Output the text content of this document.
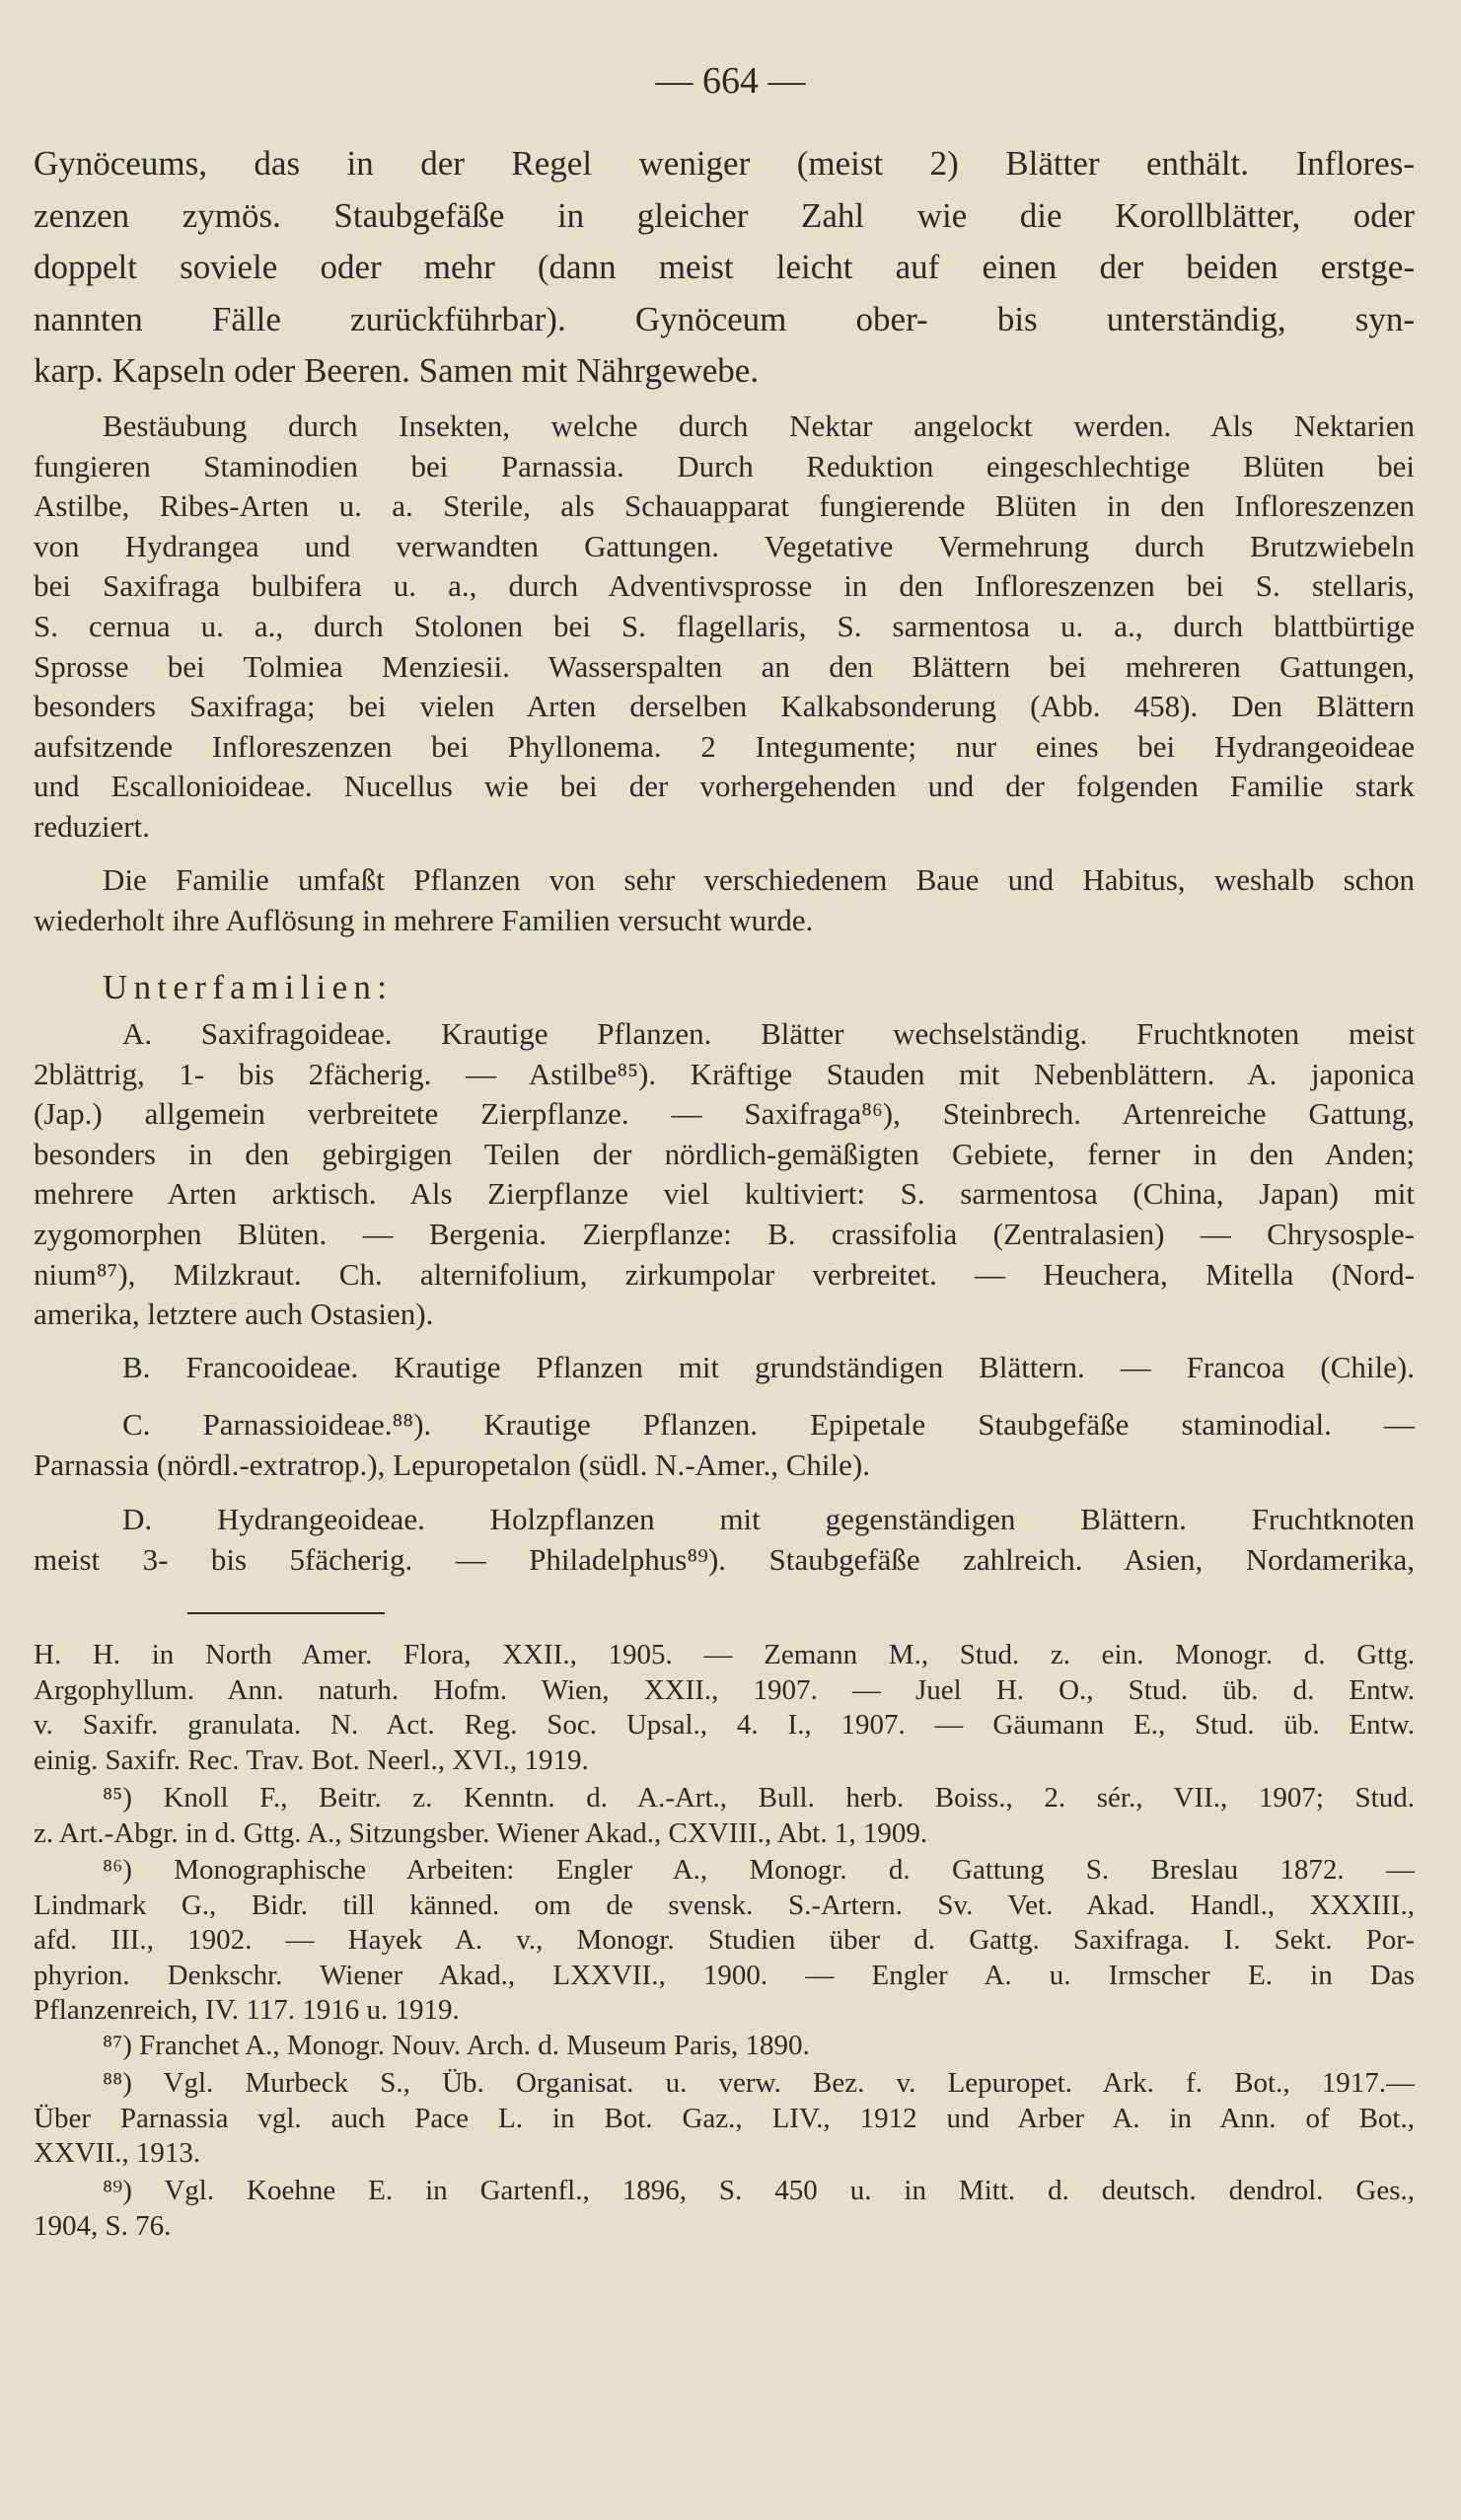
— 664 —

Gynöceums, das in der Regel weniger (meist 2) Blätter enthält. Inflores-

zenzen zymös. Staubgefäße in gleicher Zahl wie die Korollblätter, oder

doppelt soviele oder mehr (dann meist leicht auf einen der beiden erstge-

nannten Fälle zurückführbar). Gynöceum ober- bis unterständig, syn-

karp. Kapseln oder Beeren. Samen mit Nährgewebe.

Bestäubung durch Insekten, welche durch Nektar angelockt werden. Als Nektarien

fungieren Staminodien bei Parnassia. Durch Reduktion eingeschlechtige Blüten bei

Astilbe, Ribes-Arten u. a. Sterile, als Schauapparat fungierende Blüten in den Infloreszenzen

von Hydrangea und verwandten Gattungen. Vegetative Vermehrung durch Brutzwiebeln

bei Saxifraga bulbifera u. a., durch Adventivsprosse in den Infloreszenzen bei S. stellaris,

S. cernua u. a., durch Stolonen bei S. flagellaris, S. sarmentosa u. a., durch blattbürtige

Sprosse bei Tolmiea Menziesii. Wasserspalten an den Blättern bei mehreren Gattungen,

besonders Saxifraga; bei vielen Arten derselben Kalkabsonderung (Abb. 458). Den Blättern

aufsitzende Infloreszenzen bei Phyllonema. 2 Integumente; nur eines bei Hydrangeoideae

und Escallonioideae. Nucellus wie bei der vorhergehenden und der folgenden Familie stark

reduziert.

Die Familie umfaßt Pflanzen von sehr verschiedenem Baue und Habitus, weshalb schon

wiederholt ihre Auflösung in mehrere Familien versucht wurde.

Unterfamilien:

A. Saxifragoideae. Krautige Pflanzen. Blätter wechselständig. Fruchtknoten meist

2blättrig, 1- bis 2fächerig. — Astilbe⁸⁵). Kräftige Stauden mit Nebenblättern. A. japonica

(Jap.) allgemein verbreitete Zierpflanze. — Saxifraga⁸⁶), Steinbrech. Artenreiche Gattung,

besonders in den gebirgigen Teilen der nördlich-gemäßigten Gebiete, ferner in den Anden;

mehrere Arten arktisch. Als Zierpflanze viel kultiviert: S. sarmentosa (China, Japan) mit

zygomorphen Blüten. — Bergenia. Zierpflanze: B. crassifolia (Zentralasien) — Chrysosple-

nium⁸⁷), Milzkraut. Ch. alternifolium, zirkumpolar verbreitet. — Heuchera, Mitella (Nord-

amerika, letztere auch Ostasien).

B. Francooideae. Krautige Pflanzen mit grundständigen Blättern. — Francoa (Chile).

C. Parnassioideae.⁸⁸). Krautige Pflanzen. Epipetale Staubgefäße staminodial. —

Parnassia (nördl.-extratrop.), Lepuropetalon (südl. N.-Amer., Chile).

D. Hydrangeoideae. Holzpflanzen mit gegenständigen Blättern. Fruchtknoten

meist 3- bis 5fächerig. — Philadelphus⁸⁹). Staubgefäße zahlreich. Asien, Nordamerika,

H. H. in North Amer. Flora, XXII., 1905. — Zemann M., Stud. z. ein. Monogr. d. Gttg.

Argophyllum. Ann. naturh. Hofm. Wien, XXII., 1907. — Juel H. O., Stud. üb. d. Entw.

v. Saxifr. granulata. N. Act. Reg. Soc. Upsal., 4. I., 1907. — Gäumann E., Stud. üb. Entw.

einig. Saxifr. Rec. Trav. Bot. Neerl., XVI., 1919.

⁸⁵) Knoll F., Beitr. z. Kenntn. d. A.-Art., Bull. herb. Boiss., 2. sér., VII., 1907; Stud.

z. Art.-Abgr. in d. Gttg. A., Sitzungsber. Wiener Akad., CXVIII., Abt. 1, 1909.

⁸⁶) Monographische Arbeiten: Engler A., Monogr. d. Gattung S. Breslau 1872. —

Lindmark G., Bidr. till känned. om de svensk. S.-Artern. Sv. Vet. Akad. Handl., XXXIII.,

afd. III., 1902. — Hayek A. v., Monogr. Studien über d. Gattg. Saxifraga. I. Sekt. Por-

phyrion. Denkschr. Wiener Akad., LXXVII., 1900. — Engler A. u. Irmscher E. in Das

Pflanzenreich, IV. 117. 1916 u. 1919.

⁸⁷) Franchet A., Monogr. Nouv. Arch. d. Museum Paris, 1890.

⁸⁸) Vgl. Murbeck S., Üb. Organisat. u. verw. Bez. v. Lepuropet. Ark. f. Bot., 1917.—

Über Parnassia vgl. auch Pace L. in Bot. Gaz., LIV., 1912 und Arber A. in Ann. of Bot.,

XXVII., 1913.

⁸⁹) Vgl. Koehne E. in Gartenfl., 1896, S. 450 u. in Mitt. d. deutsch. dendrol. Ges.,

1904, S. 76.
